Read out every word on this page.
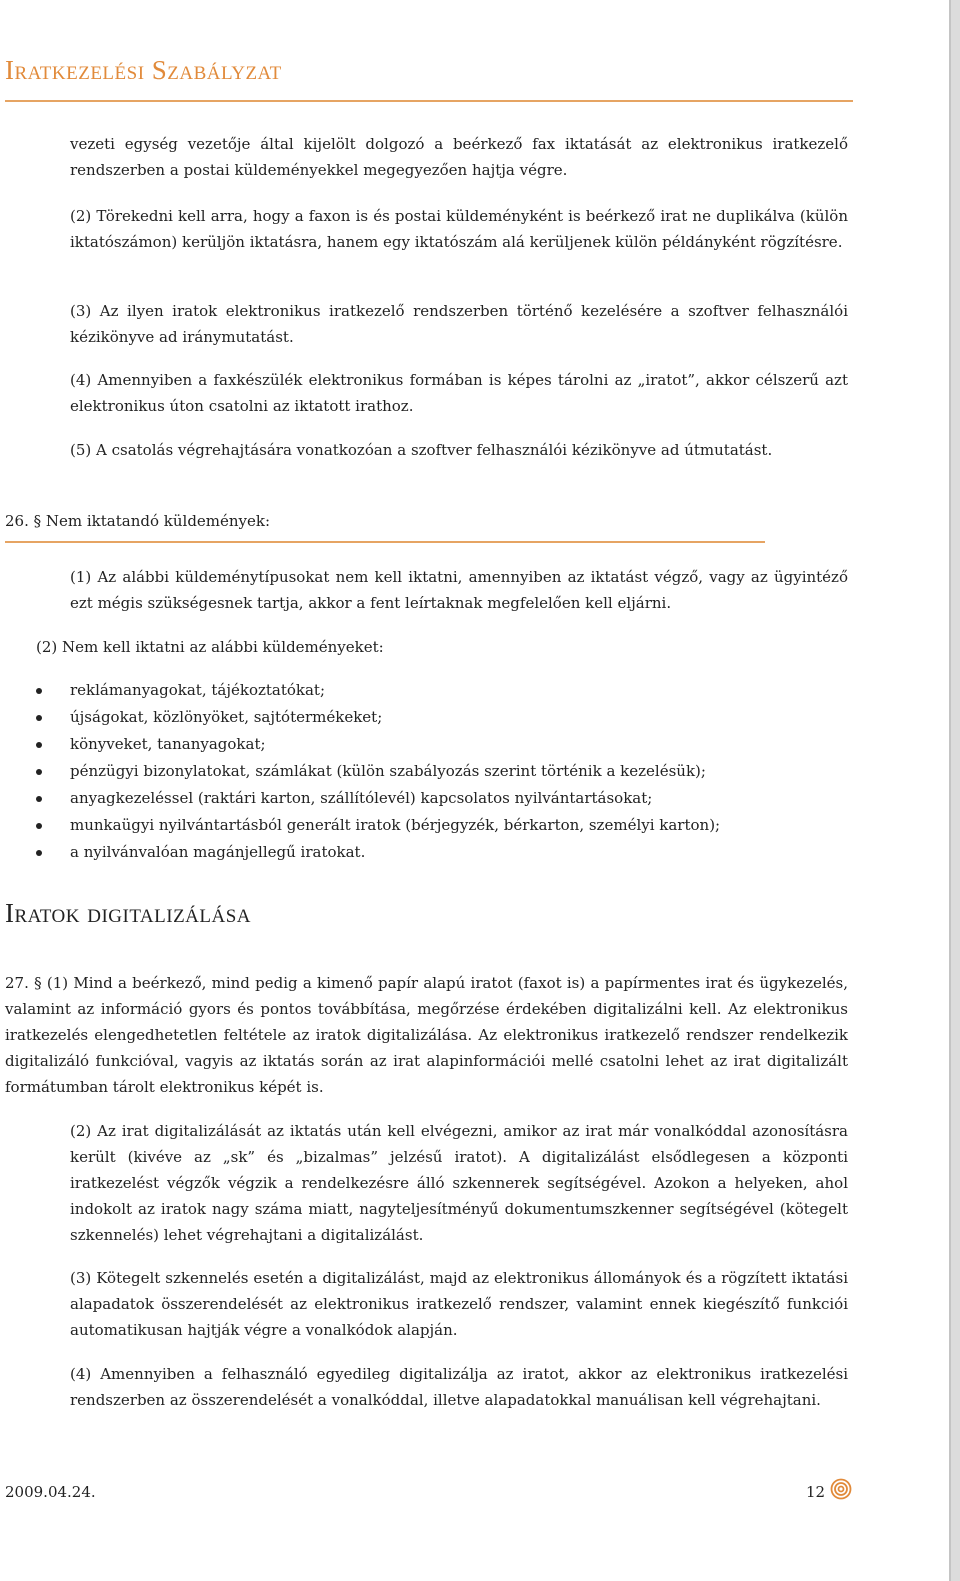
Iratkezelési Szabályzat

vezeti egység vezetője által kijelölt dolgozó a beérkező fax iktatását az elektronikus iratkezelő rendszerben a postai küldeményekkel megegyezően hajtja végre.

(2) Törekedni kell arra, hogy a faxon is és postai küldeményként is beérkező irat ne duplikálva (külön iktatószámon) kerüljön iktatásra, hanem egy iktatószám alá kerüljenek külön példányként rögzítésre.

(3) Az ilyen iratok elektronikus iratkezelő rendszerben történő kezelésére a szoftver felhasználói kézikönyve ad iránymutatást.

(4) Amennyiben a faxkészülék elektronikus formában is képes tárolni az „iratot”, akkor célszerű azt elektronikus úton csatolni az iktatott irathoz.

(5) A csatolás végrehajtására vonatkozóan a szoftver felhasználói kézikönyve ad útmutatást.

26. § Nem iktatandó küldemények:

(1) Az alábbi küldeménytípusokat nem kell iktatni, amennyiben az iktatást végző, vagy az ügyintéző ezt mégis szükségesnek tartja, akkor a fent leírtaknak megfelelően kell eljárni.

(2) Nem kell iktatni az alábbi küldeményeket:

reklámanyagokat, tájékoztatókat;
újságokat, közlönyöket, sajtótermékeket;
könyveket, tananyagokat;
pénzügyi bizonylatokat, számlákat (külön szabályozás szerint történik a kezelésük);
anyagkezeléssel (raktári karton, szállítólevél) kapcsolatos nyilvántartásokat;
munkaügyi nyilvántartásból generált iratok (bérjegyzék, bérkarton, személyi karton);
a nyilvánvalóan magánjellegű iratokat.
Iratok digitalizálása

27. § (1) Mind a beérkező, mind pedig a kimenő papír alapú iratot (faxot is) a papírmentes irat és ügykezelés, valamint az információ gyors és pontos továbbítása, megőrzése érdekében digitalizálni kell. Az elektronikus iratkezelés elengedhetetlen feltétele az iratok digitalizálása. Az elektronikus iratkezelő rendszer rendelkezik digitalizáló funkcióval, vagyis az iktatás során az irat alapinformációi mellé csatolni lehet az irat digitalizált formátumban tárolt elektronikus képét is.

(2) Az irat digitalizálását az iktatás után kell elvégezni, amikor az irat már vonalkóddal azonosításra került (kivéve az „sk” és „bizalmas” jelzésű iratot). A digitalizálást elsődlegesen a központi iratkezelést végzők végzik a rendelkezésre álló szkennerek segítségével. Azokon a helyeken, ahol indokolt az iratok nagy száma miatt, nagyteljesítményű dokumentumszkenner segítségével (kötegelt szkennelés) lehet végrehajtani a digitalizálást.

(3) Kötegelt szkennelés esetén a digitalizálást, majd az elektronikus állományok és a rögzített iktatási alapadatok összerendelését az elektronikus iratkezelő rendszer, valamint ennek kiegészítő funkciói automatikusan hajtják végre a vonalkódok alapján.

(4) Amennyiben a felhasználó egyedileg digitalizálja az iratot, akkor az elektronikus iratkezelési rendszerben az összerendelését a vonalkóddal, illetve alapadatokkal manuálisan kell végrehajtani.

2009.04.24.	12
